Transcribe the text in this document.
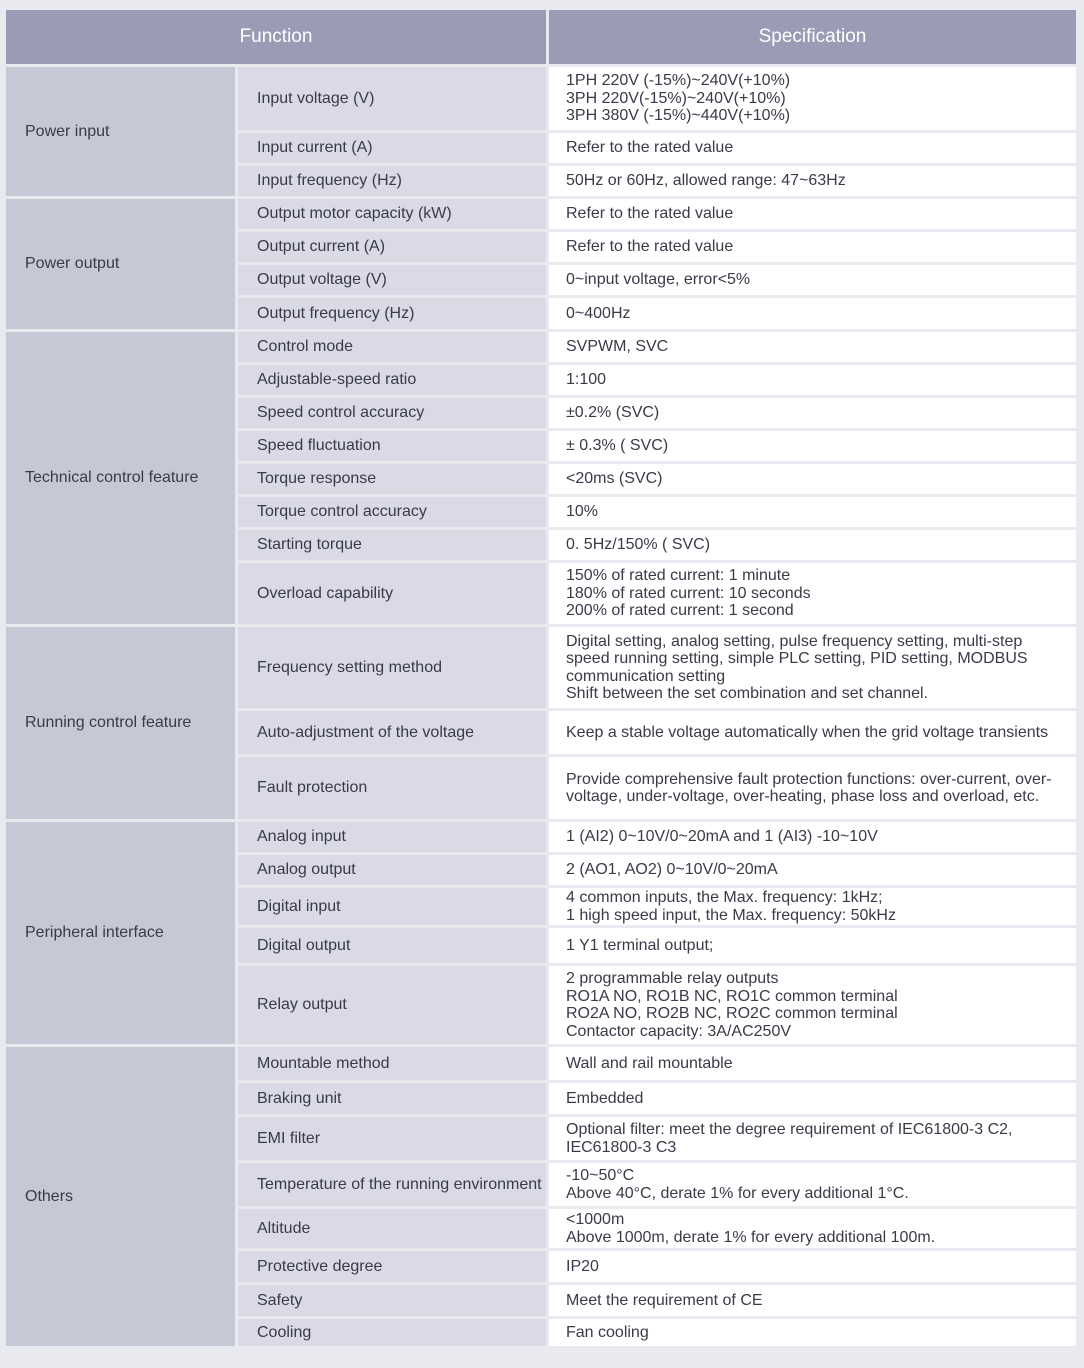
Function		Specification
Power input	Input voltage (V)	1PH 220V (-15%)~240V(+10%)
3PH 220V(-15%)~240V(+10%)
3PH 380V (-15%)~440V(+10%)

	Input current (A)	Refer to the rated value

	Input frequency (Hz)	50Hz or 60Hz, allowed range: 47~63Hz

Power output	Output motor capacity (kW)	Refer to the rated value

	Output current (A)	Refer to the rated value

	Output voltage (V)	0~input voltage, error<5%

	Output frequency (Hz)	0~400Hz

Technical control feature	Control mode	SVPWM, SVC

	Adjustable-speed ratio	1:100

	Speed control accuracy	±0.2% (SVC)

	Speed fluctuation	± 0.3% ( SVC)

	Torque response	<20ms (SVC)

	Torque control accuracy	10%

	Starting torque	0. 5Hz/150% ( SVC)

	Overload capability	150% of rated current: 1 minute
180% of rated current: 10 seconds
200% of rated current: 1 second

Running control feature	Frequency setting method	Digital setting, analog setting, pulse frequency setting, multi-step speed running setting, simple PLC setting, PID setting, MODBUS communication setting
Shift between the set combination and set channel.

	Auto-adjustment of the voltage	Keep a stable voltage automatically when the grid voltage transients

	Fault protection	Provide comprehensive fault protection functions: over-current, over-voltage, under-voltage, over-heating, phase loss and overload, etc.

Peripheral interface	Analog input	1 (AI2) 0~10V/0~20mA and 1 (AI3) -10~10V

	Analog output	2 (AO1, AO2) 0~10V/0~20mA

	Digital input	4 common inputs, the Max. frequency: 1kHz;
1 high speed input, the Max. frequency: 50kHz

	Digital output	1 Y1 terminal output;

	Relay output	2 programmable relay outputs
RO1A NO, RO1B NC, RO1C common terminal
RO2A NO, RO2B NC, RO2C common terminal
Contactor capacity: 3A/AC250V

Others	Mountable method	Wall and rail mountable

	Braking unit	Embedded

	EMI filter	Optional filter: meet the degree requirement of IEC61800-3 C2, IEC61800-3 C3

	Temperature of the running environment	-10~50°C
Above 40°C, derate 1% for every additional 1°C.

	Altitude	<1000m
Above 1000m, derate 1% for every additional 100m.

	Protective degree	IP20

	Safety	Meet the requirement of CE

	Cooling	Fan cooling
